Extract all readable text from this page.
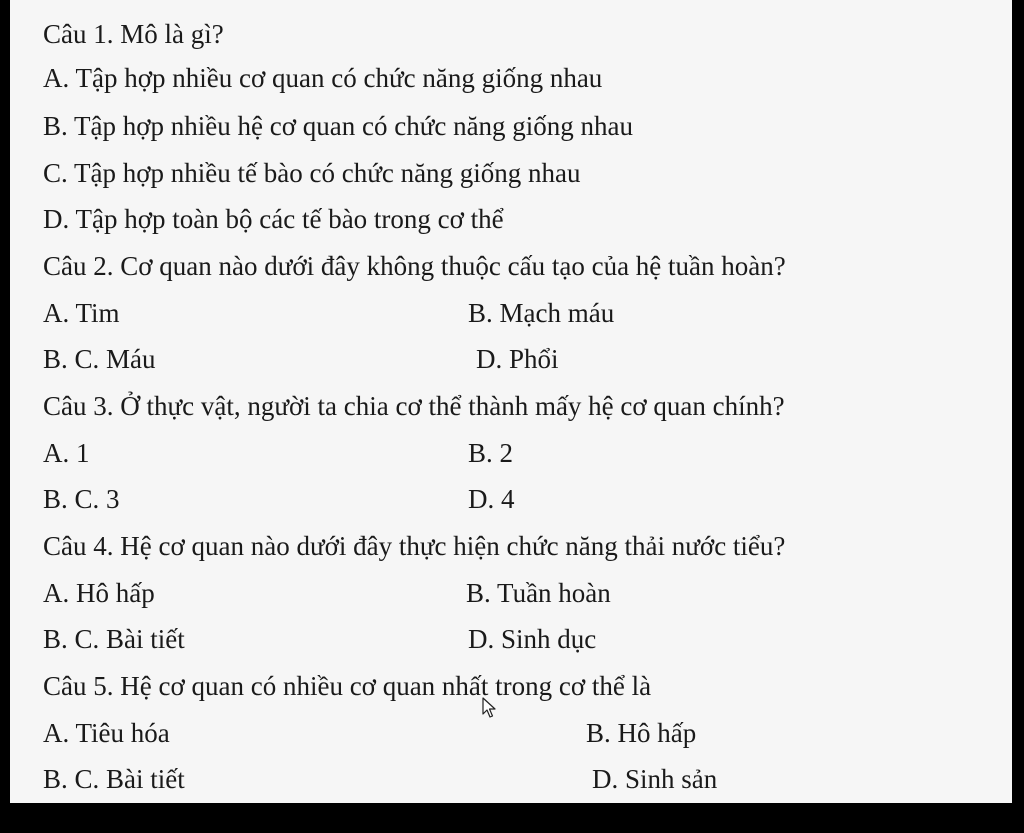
Câu 1. Mô là gì?
A. Tập hợp nhiều cơ quan có chức năng giống nhau
B. Tập hợp nhiều hệ cơ quan có chức năng giống nhau
C. Tập hợp nhiều tế bào có chức năng giống nhau
D. Tập hợp toàn bộ các tế bào trong cơ thể
Câu 2. Cơ quan nào dưới đây không thuộc cấu tạo của hệ tuần hoàn?
A. Tim	B. Mạch máu
B. C. Máu	D. Phổi
Câu 3. Ở thực vật, người ta chia cơ thể thành mấy hệ cơ quan chính?
A. 1	B. 2
B. C. 3	D. 4
Câu 4. Hệ cơ quan nào dưới đây thực hiện chức năng thải nước tiểu?
A. Hô hấp	B. Tuần hoàn
B. C. Bài tiết	D. Sinh dục
Câu 5. Hệ cơ quan có nhiều cơ quan nhất trong cơ thể là
A. Tiêu hóa	B. Hô hấp
B. C. Bài tiết	D. Sinh sản
